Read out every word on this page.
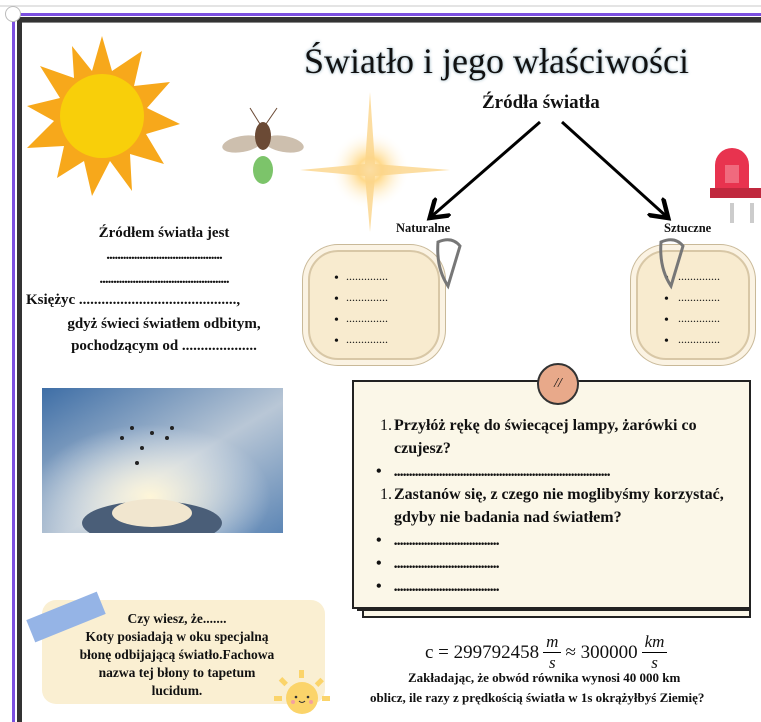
Światło i jego właściwości
Źródła światła
Naturalne	Sztuczne
..............
..............
..............
..............
•
•
•
•
..............
..............
..............
..............
•
•
•
•
Źródłem światła jest
..........................................
...............................................
Księżyc ..........................................,
gdyż świeci światłem odbitym,
pochodzącym od ....................
1. Przyłóż rękę do świecącej lampy, żarówki co czujesz?
•   ........................................................................
1. Zastanów się, z czego nie moglibyśmy korzystać, gdyby nie badania nad światłem?
•   ...................................
•   ...................................
•   ...................................
//
$c = 299792458 \frac{m}{s} \approx 300000$ km
s
Zakładając, że obwód równika wynosi 40 000 km
oblicz, ile razy z prędkością światła w 1s okrążyłbyś Ziemię?
Czy wiesz, że.......
Koty posiadają w oku specjalną błonę odbijającą światło.Fachowa nazwa tej błony to tapetum lucidum.
